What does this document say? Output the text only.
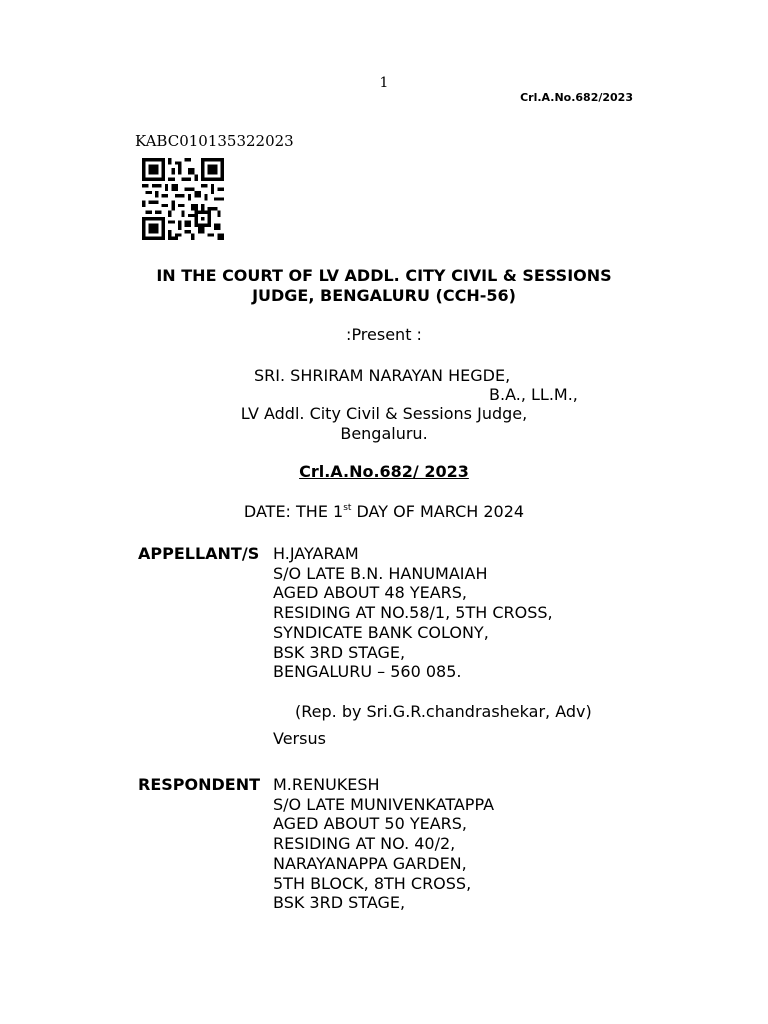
1
Crl.A.No.682/2023
KABC010135322023
IN THE COURT OF LV ADDL. CITY CIVIL & SESSIONS
JUDGE, BENGALURU (CCH-56)
:Present :
SRI. SHRIRAM NARAYAN HEGDE,
B.A., LL.M.,
LV Addl. City Civil & Sessions Judge,
Bengaluru.
Crl.A.No.682/ 2023
DATE: THE 1st DAY OF MARCH 2024
APPELLANT/S H.JAYARAM
S/O LATE B.N. HANUMAIAH
AGED ABOUT 48 YEARS,
RESIDING AT NO.58/1, 5TH CROSS,
SYNDICATE BANK COLONY,
BSK 3RD STAGE,
BENGALURU – 560 085.
(Rep. by Sri.G.R.chandrashekar, Adv)
Versus
RESPONDENT M.RENUKESH
S/O LATE MUNIVENKATAPPA
AGED ABOUT 50 YEARS,
RESIDING AT NO. 40/2,
NARAYANAPPA GARDEN,
5TH BLOCK, 8TH CROSS,
BSK 3RD STAGE,
